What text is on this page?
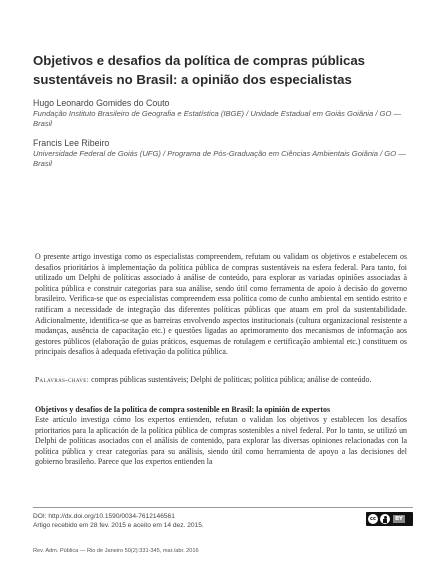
Objetivos e desafios da política de compras públicas sustentáveis no Brasil: a opinião dos especialistas

Hugo Leonardo Gomides do Couto

Fundação Instituto Brasileiro de Geografia e Estatística (IBGE) / Unidade Estadual em Goiás Goiânia / GO — Brasil

Francis Lee Ribeiro

Universidade Federal de Goiás (UFG) / Programa de Pós-Graduação em Ciências Ambientais Goiânia / GO — Brasil

O presente artigo investiga como os especialistas compreendem, refutam ou validam os objetivos e estabelecem os desafios prioritários à implementação da política pública de compras sustentáveis na esfera federal. Para tanto, foi utilizado um Delphi de políticas associado à análise de conteúdo, para explorar as variadas opiniões associadas à política pública e construir categorias para sua análise, sendo útil como ferramenta de apoio à decisão do governo brasileiro. Verifica-se que os especialistas compreendem essa política como de cunho ambiental em sentido estrito e ratificam a necessidade de integração das diferentes políticas públicas que atuam em prol da sustentabilidade. Adicionalmente, identifica-se que as barreiras envolvendo aspectos institucionais (cultura organizacional resistente a mudanças, ausência de capacitação etc.) e questões ligadas ao aprimoramento dos mecanismos de informação aos gestores públicos (elaboração de guias práticos, esquemas de rotulagem e certificação ambiental etc.) constituem os principais desafios à adequada efetivação da política pública.

Palavras-chave: compras públicas sustentáveis; Delphi de políticas; política pública; análise de conteúdo.

Objetivos y desafíos de la política de compra sostenible en Brasil: la opinión de expertos

Este artículo investiga cómo los expertos entienden, refutan o validan los objetivos y establecen los desafíos prioritarios para la aplicación de la política pública de compras sostenibles a nivel federal. Por lo tanto, se utilizó un Delphi de políticas asociados con el análisis de contenido, para explorar las diversas opiniones relacionadas con la política pública y crear categorías para su análisis, siendo útil como herramienta de apoyo a las decisiones del gobierno brasileño. Parece que los expertos entienden la

DOI: http://dx.doi.org/10.1590/0034-7612146561

Artigo recebido em 28 fev. 2015 e aceito em 14 dez. 2015.

cc	BY

Rev. Adm. Pública — Rio de Janeiro 50(2):331-345, mar./abr. 2016
